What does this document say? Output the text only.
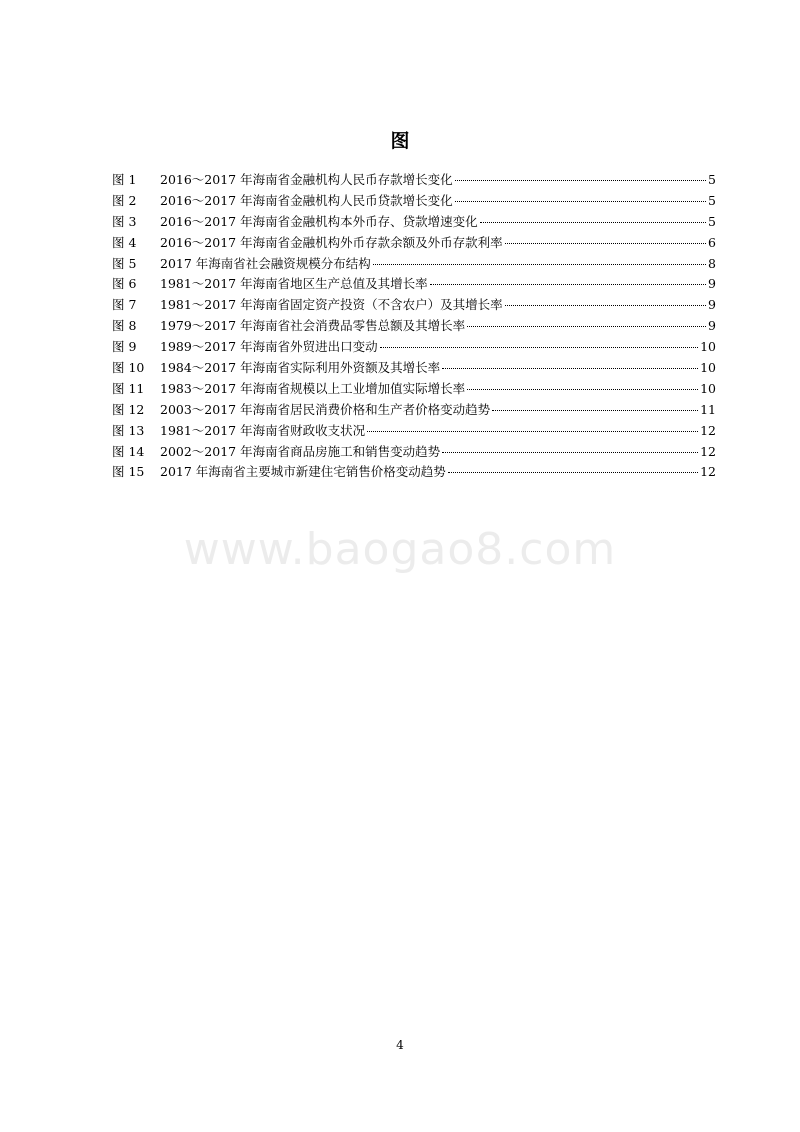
图
图 1	2016～2017 年海南省金融机构人民币存款增长变化	5
图 2	2016～2017 年海南省金融机构人民币贷款增长变化	5
图 3	2016～2017 年海南省金融机构本外币存、贷款增速变化	5
图 4	2016～2017 年海南省金融机构外币存款余额及外币存款利率	6
图 5	2017 年海南省社会融资规模分布结构	8
图 6	1981～2017 年海南省地区生产总值及其增长率	9
图 7	1981～2017 年海南省固定资产投资（不含农户）及其增长率	9
图 8	1979～2017 年海南省社会消费品零售总额及其增长率	9
图 9	1989～2017 年海南省外贸进出口变动	10
图 10	1984～2017 年海南省实际利用外资额及其增长率	10
图 11	1983～2017 年海南省规模以上工业增加值实际增长率	10
图 12	2003～2017 年海南省居民消费价格和生产者价格变动趋势	11
图 13	1981～2017 年海南省财政收支状况	12
图 14	2002～2017 年海南省商品房施工和销售变动趋势	12
图 15	2017 年海南省主要城市新建住宅销售价格变动趋势	12
www.baogao8.com
4
